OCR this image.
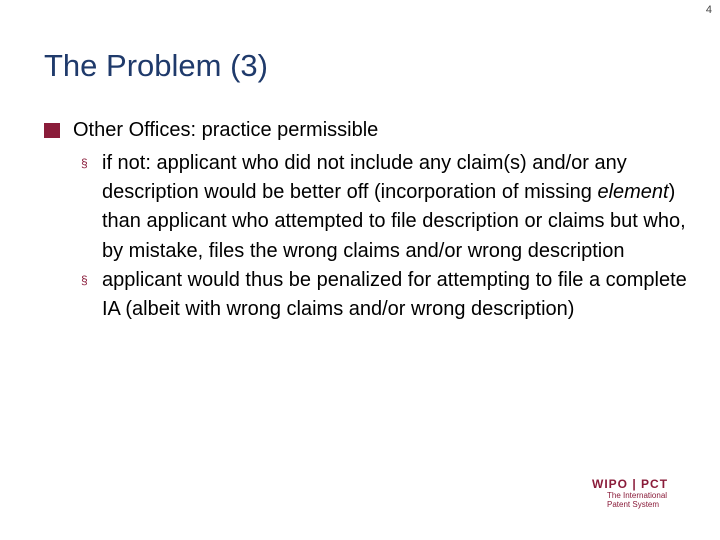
4
The Problem (3)
Other Offices: practice permissible
§ if not: applicant who did not include any claim(s) and/or any description would be better off (incorporation of missing element) than applicant who attempted to file description or claims but who, by mistake, files the wrong claims and/or wrong description
§ applicant would thus be penalized for attempting to file a complete IA (albeit with wrong claims and/or wrong description)
WIPO | PCT
The International
Patent System
